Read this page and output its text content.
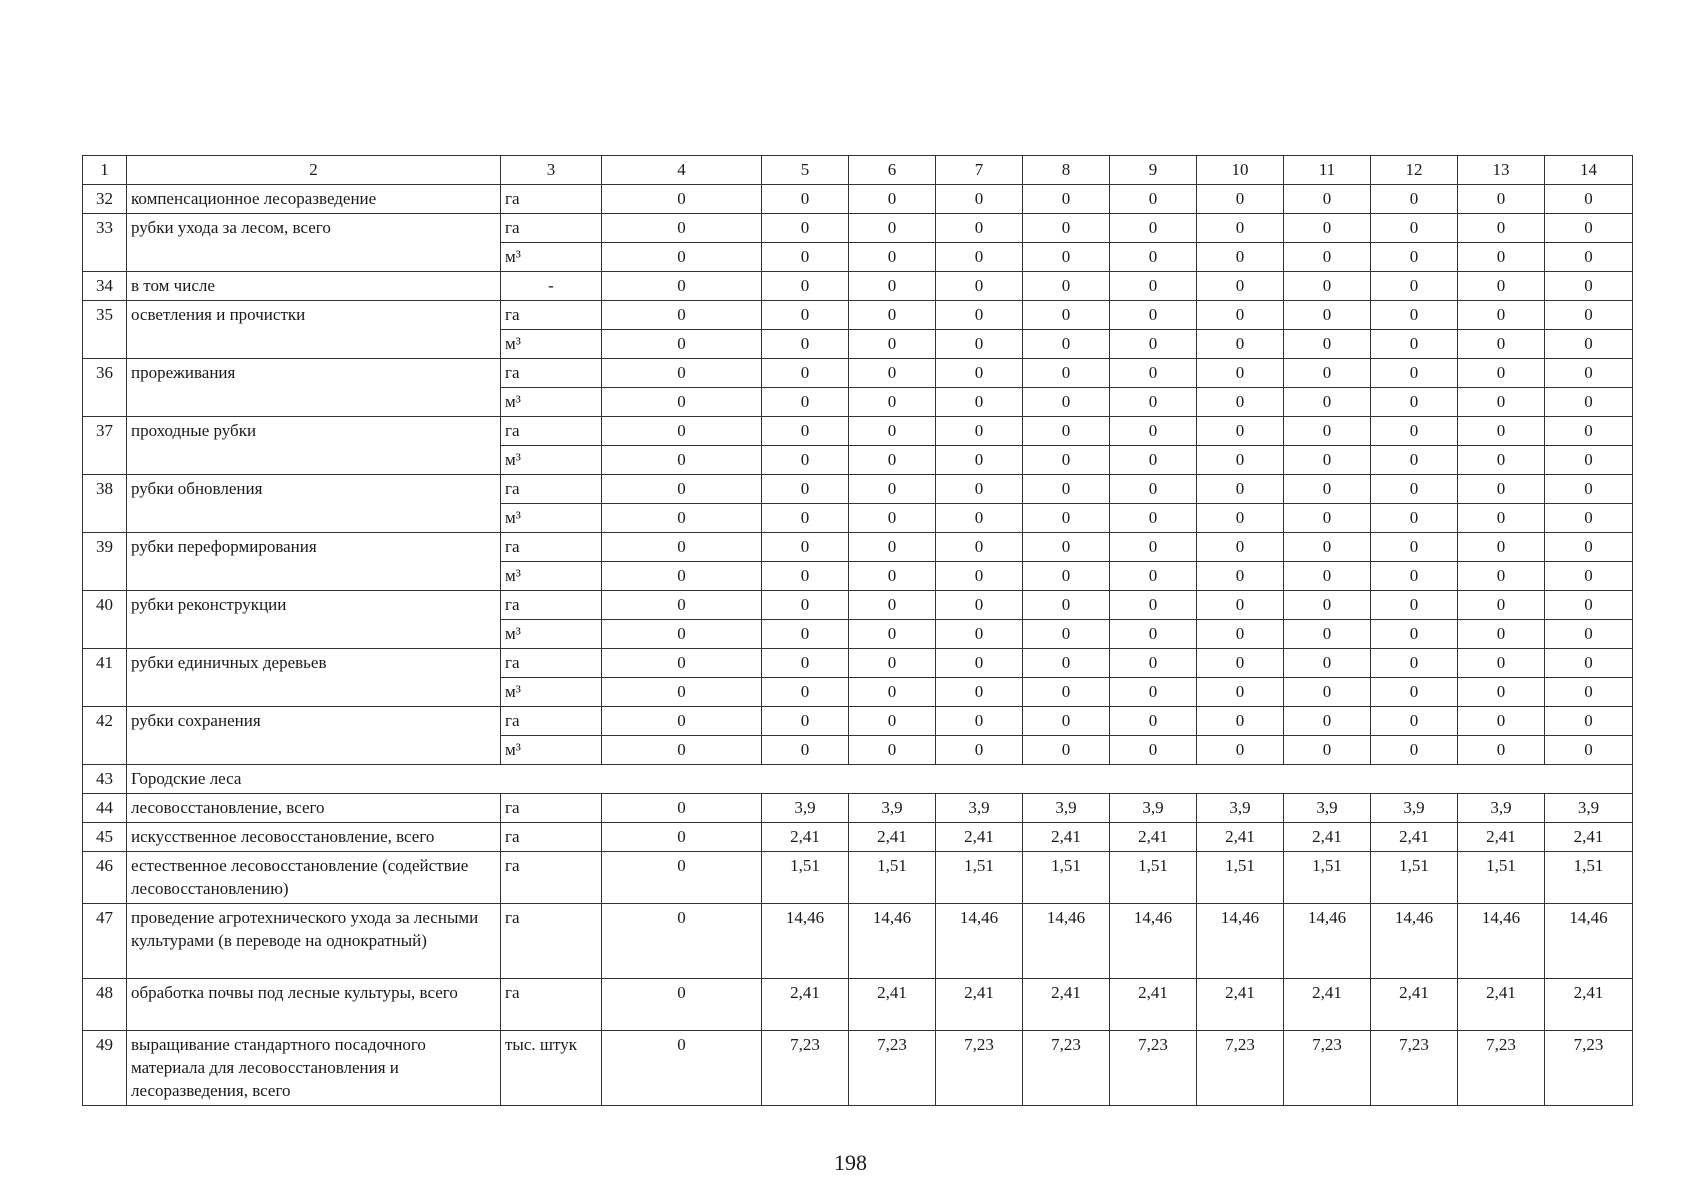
1	2	3	4	5	6	7	8	9	10	11	12	13	14
32	компенсационное лесоразведение	га	0	0	0	0	0	0	0	0	0	0	0
33	рубки ухода за лесом, всего	га	0	0	0	0	0	0	0	0	0	0	0
		м³	0	0	0	0	0	0	0	0	0	0	0
34	в том числе	-	0	0	0	0	0	0	0	0	0	0	0
35	осветления и прочистки	га	0	0	0	0	0	0	0	0	0	0	0
		м³	0	0	0	0	0	0	0	0	0	0	0
36	прореживания	га	0	0	0	0	0	0	0	0	0	0	0
		м³	0	0	0	0	0	0	0	0	0	0	0
37	проходные рубки	га	0	0	0	0	0	0	0	0	0	0	0
		м³	0	0	0	0	0	0	0	0	0	0	0
38	рубки обновления	га	0	0	0	0	0	0	0	0	0	0	0
		м³	0	0	0	0	0	0	0	0	0	0	0
39	рубки переформирования	га	0	0	0	0	0	0	0	0	0	0	0
		м³	0	0	0	0	0	0	0	0	0	0	0
40	рубки реконструкции	га	0	0	0	0	0	0	0	0	0	0	0
		м³	0	0	0	0	0	0	0	0	0	0	0
41	рубки единичных деревьев	га	0	0	0	0	0	0	0	0	0	0	0
		м³	0	0	0	0	0	0	0	0	0	0	0
42	рубки сохранения	га	0	0	0	0	0	0	0	0	0	0	0
		м³	0	0	0	0	0	0	0	0	0	0	0
43	Городские леса												
44	лесовосстановление, всего	га	0	3,9	3,9	3,9	3,9	3,9	3,9	3,9	3,9	3,9	3,9
45	искусственное лесовосстановление, всего	га	0	2,41	2,41	2,41	2,41	2,41	2,41	2,41	2,41	2,41	2,41
46	естественное лесовосстановление (содействие лесовосстановлению)	га	0	1,51	1,51	1,51	1,51	1,51	1,51	1,51	1,51	1,51	1,51
47	проведение агротехнического ухода за лесными культурами (в переводе на однократный)	га	0	14,46	14,46	14,46	14,46	14,46	14,46	14,46	14,46	14,46	14,46
48	обработка почвы под лесные культуры, всего	га	0	2,41	2,41	2,41	2,41	2,41	2,41	2,41	2,41	2,41	2,41
49	выращивание стандартного посадочного материала для лесовосстановления и лесоразведения, всего	тыс. штук	0	7,23	7,23	7,23	7,23	7,23	7,23	7,23	7,23	7,23	7,23
198
